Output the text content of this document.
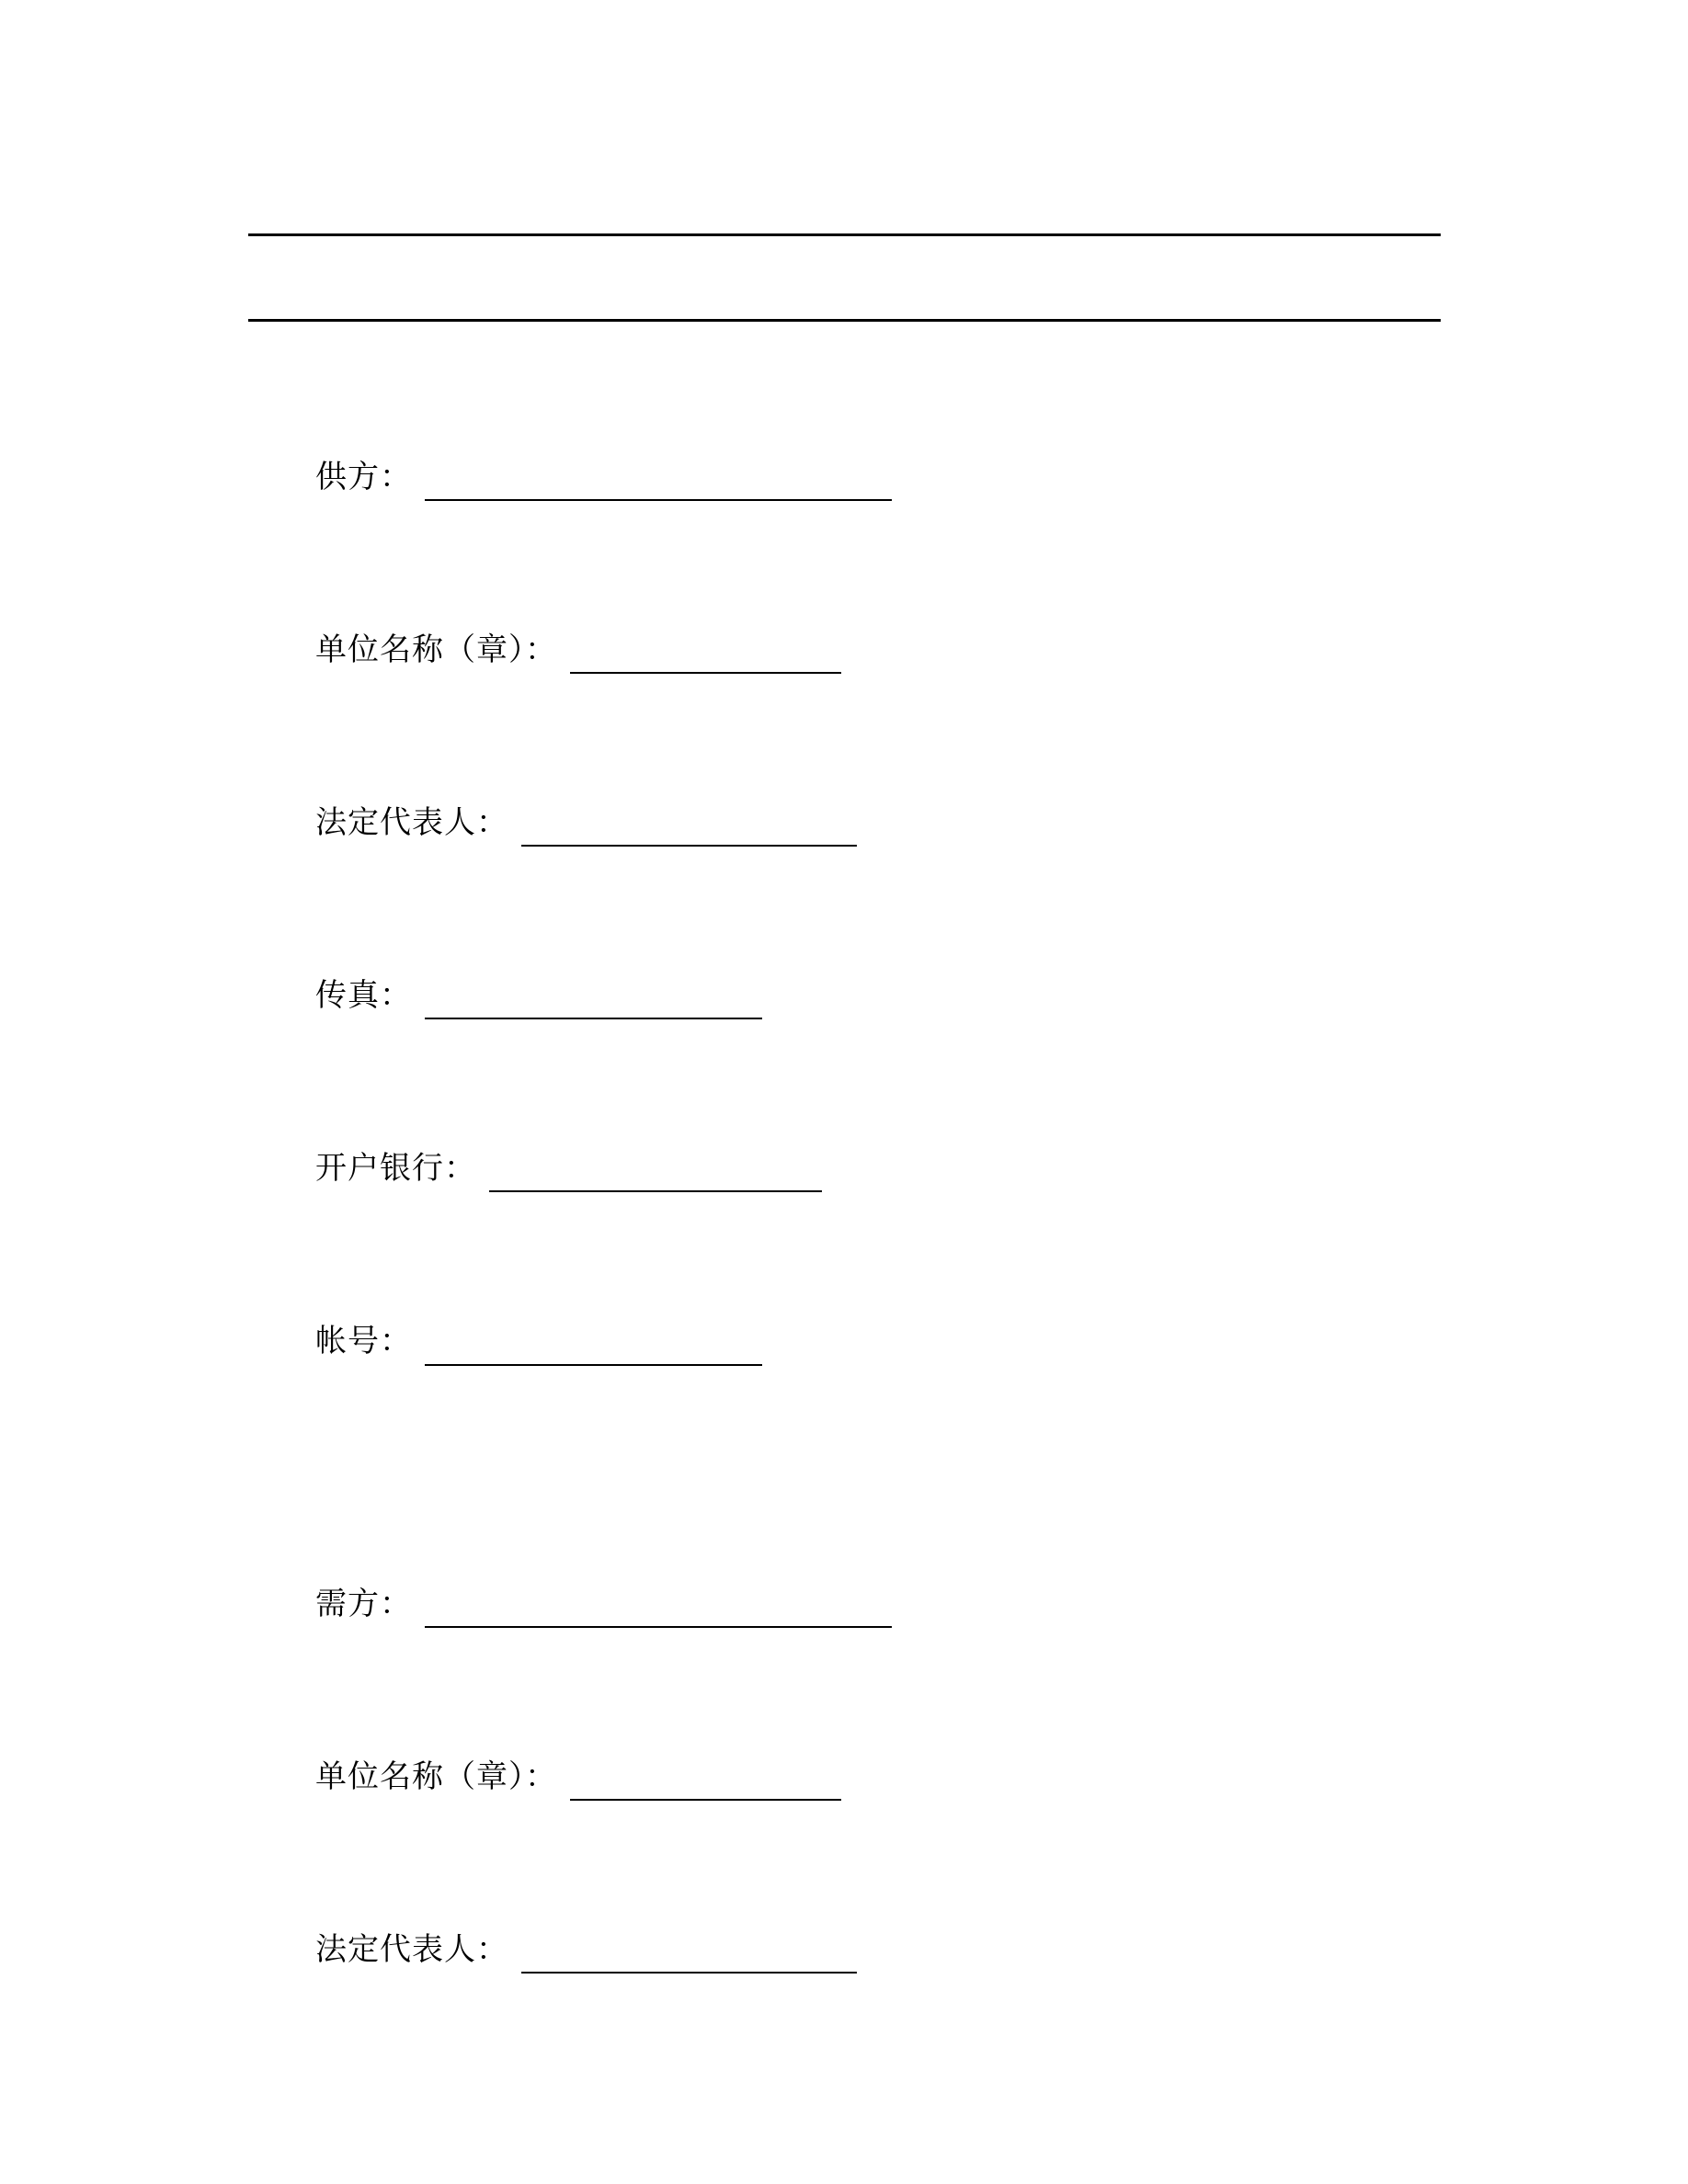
供方：
单位名称（章）：
法定代表人：
传真：
开户银行：
帐号：
需方：
单位名称（章）：
法定代表人：
